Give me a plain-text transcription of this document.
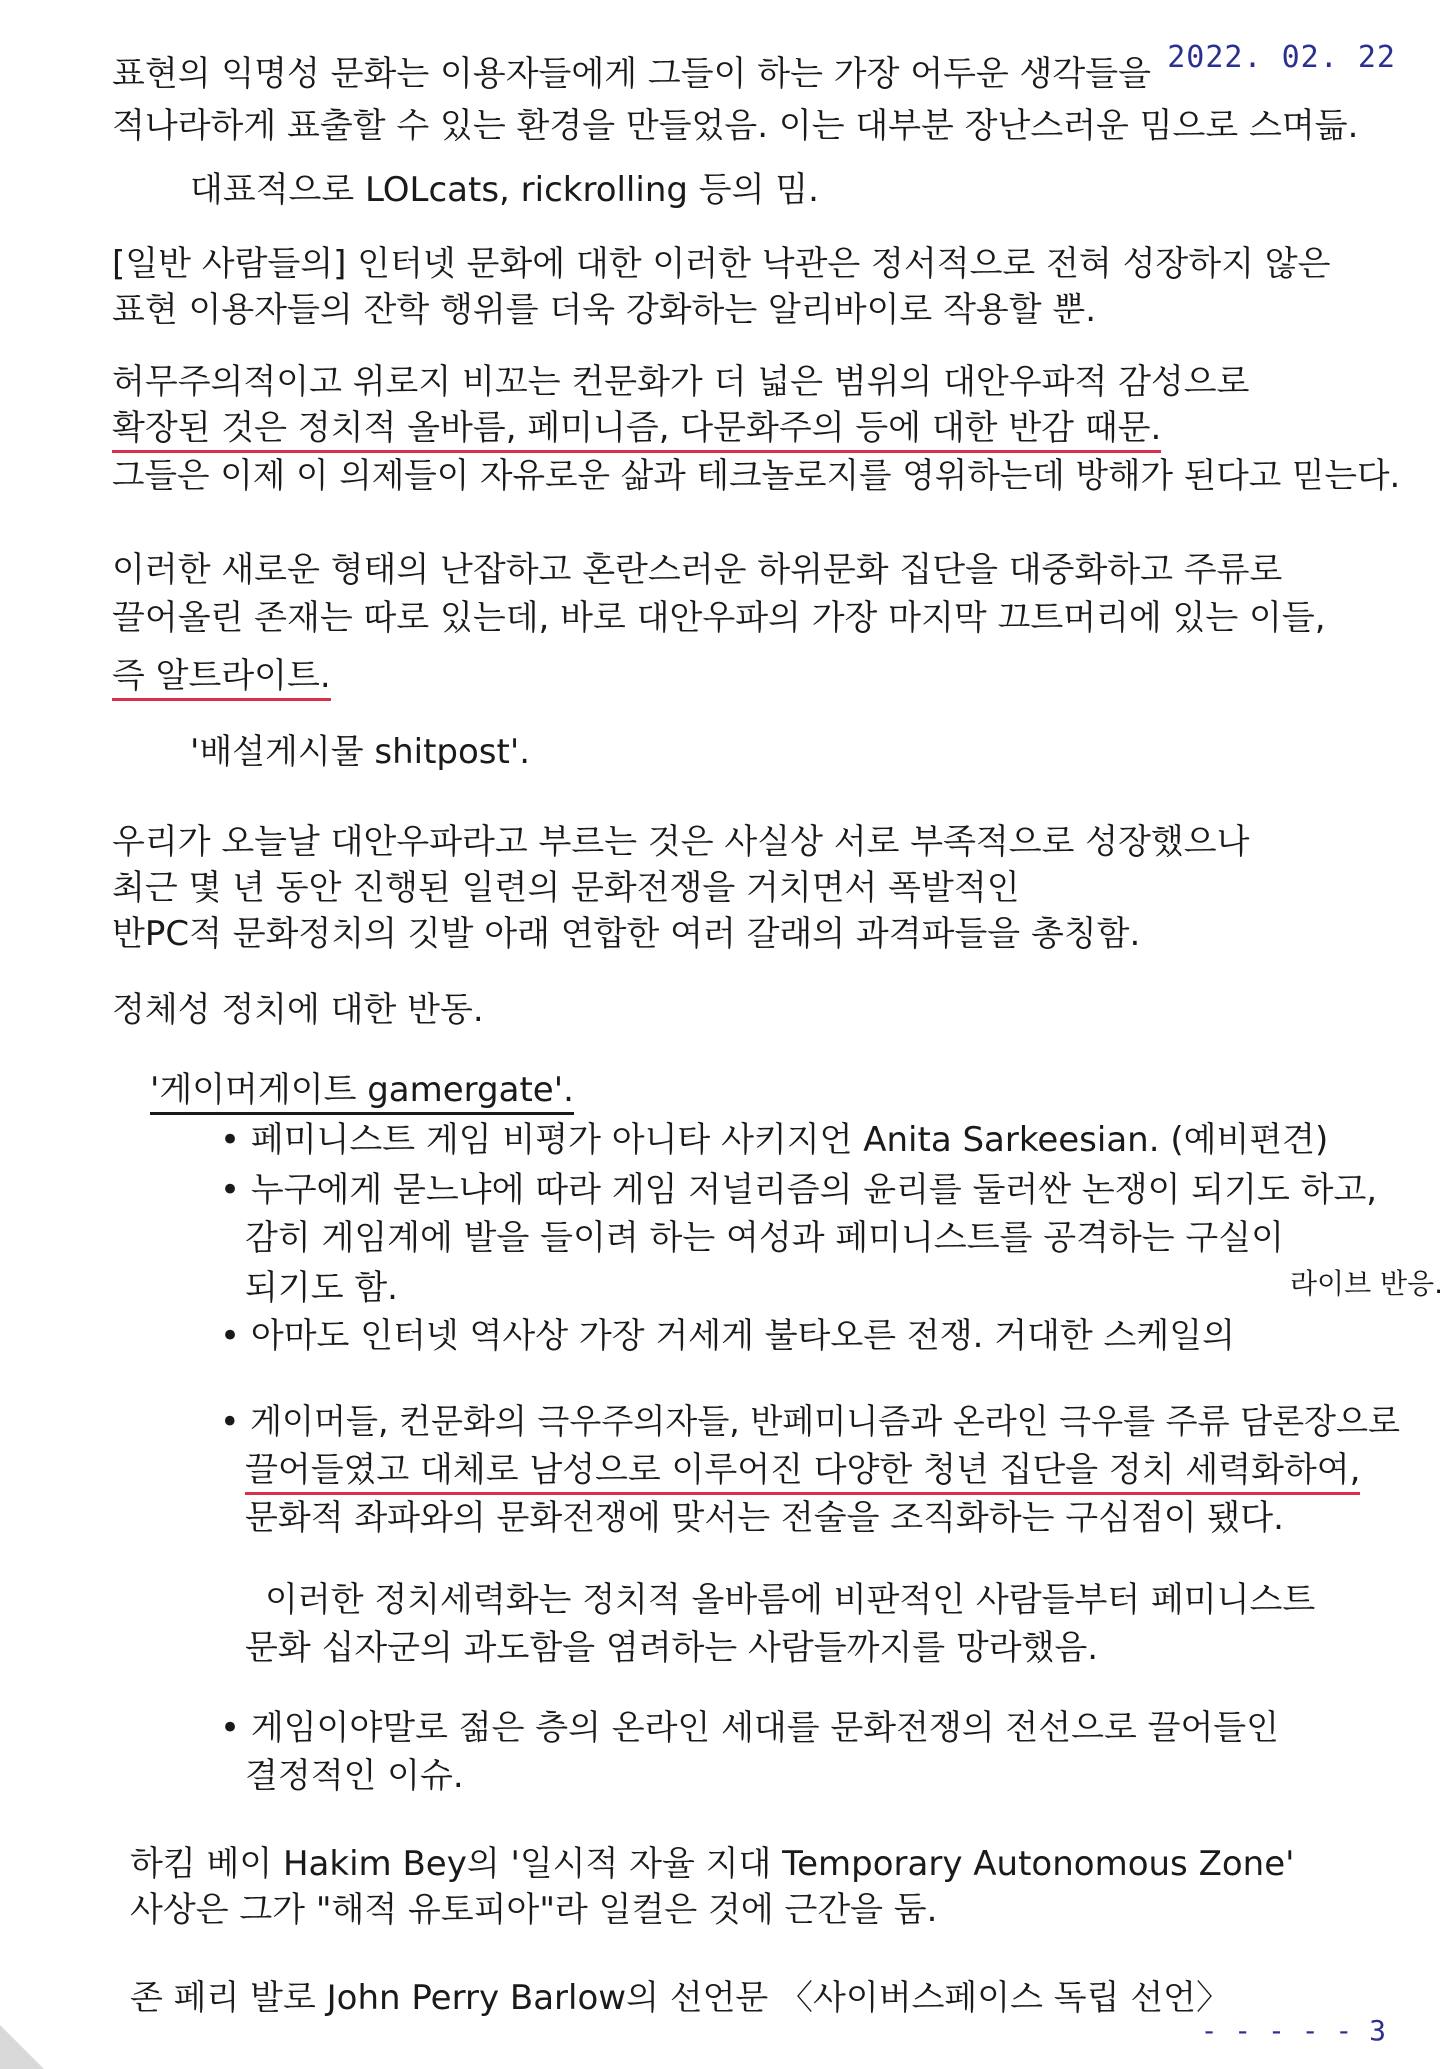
2022. 02. 22
표현의 익명성 문화는 이용자들에게 그들이 하는 가장 어두운 생각들을
적나라하게 표출할 수 있는 환경을 만들었음. 이는 대부분 장난스러운 밈으로 스며듦.
대표적으로 LOLcats, rickrolling 등의 밈.
[일반 사람들의] 인터넷 문화에 대한 이러한 낙관은 정서적으로 전혀 성장하지 않은
표현 이용자들의 잔학 행위를 더욱 강화하는 알리바이로 작용할 뿐.
허무주의적이고 위로지 비꼬는 컨문화가 더 넓은 범위의 대안우파적 감성으로
확장된 것은 정치적 올바름, 페미니즘, 다문화주의 등에 대한 반감 때문.
그들은 이제 이 의제들이 자유로운 삶과 테크놀로지를 영위하는데 방해가 된다고 믿는다.
이러한 새로운 형태의 난잡하고 혼란스러운 하위문화 집단을 대중화하고 주류로
끌어올린 존재는 따로 있는데, 바로 대안우파의 가장 마지막 끄트머리에 있는 이들,
즉 알트라이트.
'배설게시물 shitpost'.
우리가 오늘날 대안우파라고 부르는 것은 사실상 서로 부족적으로 성장했으나
최근 몇 년 동안 진행된 일련의 문화전쟁을 거치면서 폭발적인
반PC적 문화정치의 깃발 아래 연합한 여러 갈래의 과격파들을 총칭함.
정체성 정치에 대한 반동.
'게이머게이트 gamergate'.
• 페미니스트 게임 비평가 아니타 사키지언 Anita Sarkeesian. (예비편견)
• 누구에게 묻느냐에 따라 게임 저널리즘의 윤리를 둘러싼 논쟁이 되기도 하고,
감히 게임계에 발을 들이려 하는 여성과 페미니스트를 공격하는 구실이
되기도 함.	라이브 반응.
• 아마도 인터넷 역사상 가장 거세게 불타오른 전쟁. 거대한 스케일의
• 게이머들, 컨문화의 극우주의자들, 반페미니즘과 온라인 극우를 주류 담론장으로
끌어들였고 대체로 남성으로 이루어진 다양한 청년 집단을 정치 세력화하여,
문화적 좌파와의 문화전쟁에 맞서는 전술을 조직화하는 구심점이 됐다.
이러한 정치세력화는 정치적 올바름에 비판적인 사람들부터 페미니스트
문화 십자군의 과도함을 염려하는 사람들까지를 망라했음.
• 게임이야말로 젊은 층의 온라인 세대를 문화전쟁의 전선으로 끌어들인
결정적인 이슈.
하킴 베이 Hakim Bey의 '일시적 자율 지대 Temporary Autonomous Zone'
사상은 그가 "해적 유토피아"라 일컬은 것에 근간을 둠.
존 페리 발로 John Perry Barlow의 선언문 〈사이버스페이스 독립 선언〉
- - - - - 3
